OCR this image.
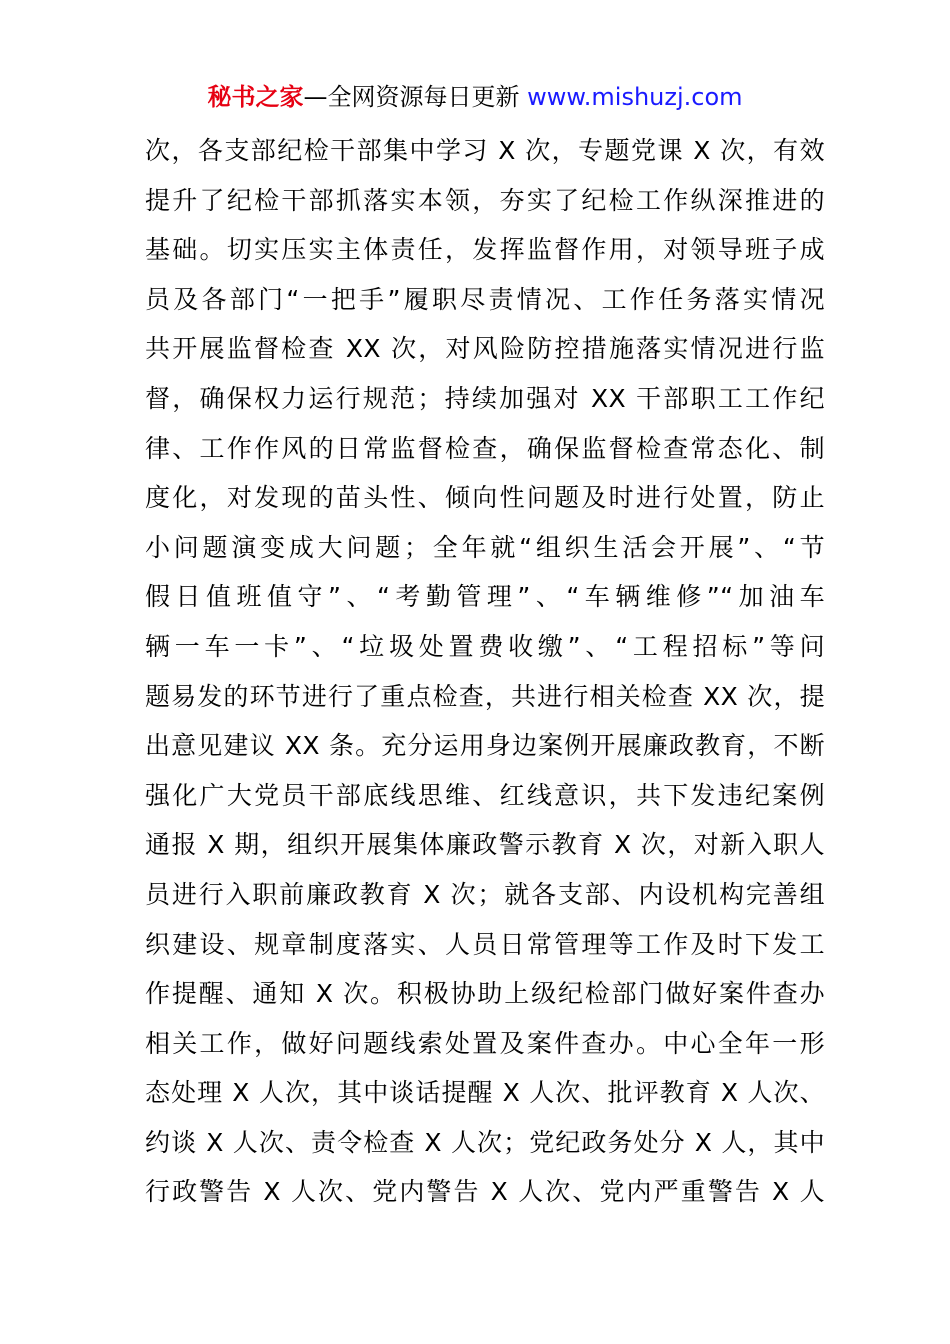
秘书之家—全网资源每日更新 www.mishuzj.com
次，各支部纪检干部集中学习 X 次，专题党课 X 次，有效
提升了纪检干部抓落实本领，夯实了纪检工作纵深推进的
基础。切实压实主体责任，发挥监督作用，对领导班子成
员及各部门“一把手”履职尽责情况、工作任务落实情况
共开展监督检查 XX 次，对风险防控措施落实情况进行监
督，确保权力运行规范；持续加强对 XX 干部职工工作纪
律、工作作风的日常监督检查，确保监督检查常态化、制
度化，对发现的苗头性、倾向性问题及时进行处置，防止
小问题演变成大问题；全年就“组织生活会开展”、“节
假日值班值守”、“考勤管理”、“车辆维修”“加油车
辆一车一卡”、“垃圾处置费收缴”、“工程招标”等问
题易发的环节进行了重点检查，共进行相关检查 XX 次，提
出意见建议 XX 条。充分运用身边案例开展廉政教育，不断
强化广大党员干部底线思维、红线意识，共下发违纪案例
通报 X 期，组织开展集体廉政警示教育 X 次，对新入职人
员进行入职前廉政教育 X 次；就各支部、内设机构完善组
织建设、规章制度落实、人员日常管理等工作及时下发工
作提醒、通知 X 次。积极协助上级纪检部门做好案件查办
相关工作，做好问题线索处置及案件查办。中心全年一形
态处理 X 人次，其中谈话提醒 X 人次、批评教育 X 人次、
约谈 X 人次、责令检查 X 人次；党纪政务处分 X 人，其中
行政警告 X 人次、党内警告 X 人次、党内严重警告 X 人
